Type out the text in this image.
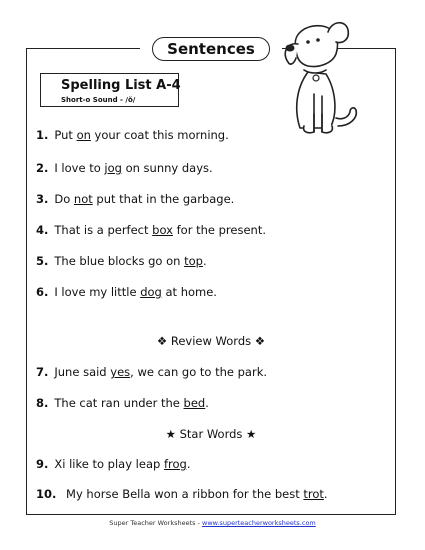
Sentences
Spelling List A-4
Short-o Sound - /ŏ/
1. Put on your coat this morning.
2. I love to jog on sunny days.
3. Do not put that in the garbage.
4. That is a perfect box for the present.
5. The blue blocks go on top.
6. I love my little dog at home.
❖ Review Words ❖
7. June said yes, we can go to the park.
8. The cat ran under the bed.
★ Star Words ★
9. Xi like to play leap frog.
10. My horse Bella won a ribbon for the best trot.
Super Teacher Worksheets - www.superteacherworksheets.com
